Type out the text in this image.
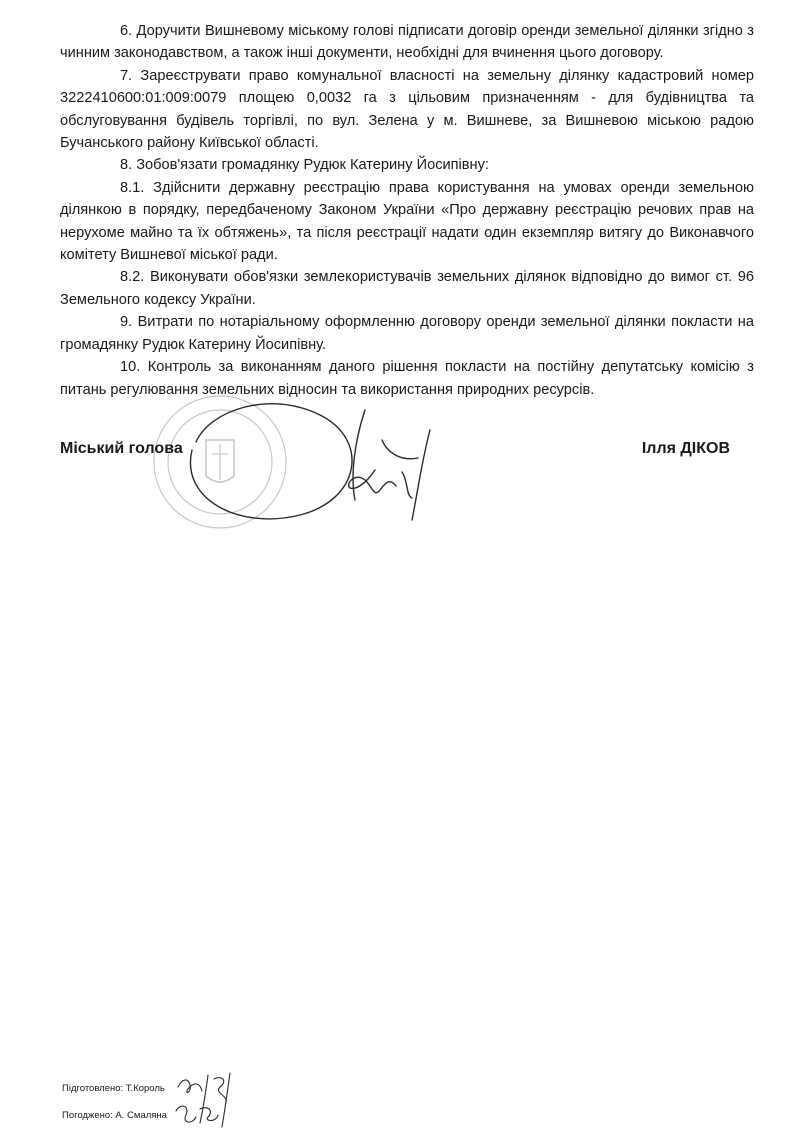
6. Доручити Вишневому міському голові підписати договір оренди земельної ділянки згідно з чинним законодавством, а також інші документи, необхідні для вчинення цього договору.

7. Зареєструвати право комунальної власності на земельну ділянку кадастровий номер 3222410600:01:009:0079 площею 0,0032 га з цільовим призначенням - для будівництва та обслуговування будівель торгівлі, по вул. Зелена у м. Вишневе, за Вишневою міською радою Бучанського району Київської області.

8. Зобов'язати громадянку Рудюк Катерину Йосипівну:

8.1. Здійснити державну реєстрацію права користування на умовах оренди земельною ділянкою в порядку, передбаченому Законом України «Про державну реєстрацію речових прав на нерухоме майно та їх обтяжень», та після реєстрації надати один екземпляр витягу до Виконавчого комітету Вишневої міської ради.

8.2. Виконувати обов'язки землекористувачів земельних ділянок відповідно до вимог ст. 96 Земельного кодексу України.

9. Витрати по нотаріальному оформленню договору оренди земельної ділянки покласти на громадянку Рудюк Катерину Йосипівну.

10. Контроль за виконанням даного рішення покласти на постійну депутатську комісію з питань регулювання земельних відносин та використання природних ресурсів.

Міський голова	Ілля ДІКОВ
Підготовлено: Т.Король
Погоджено: А. Смаляна
